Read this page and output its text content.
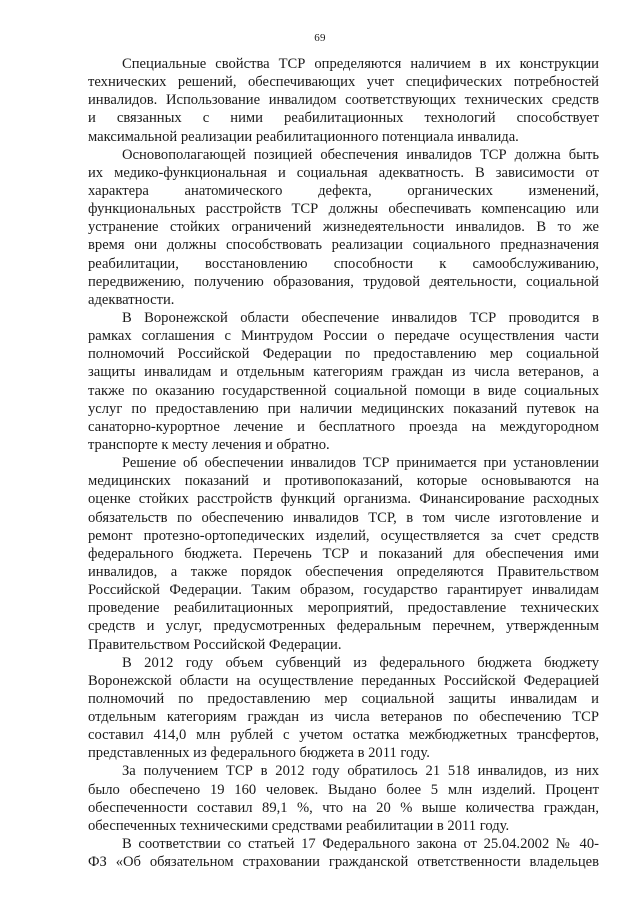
69
Специальные свойства ТСР определяются наличием в их конструкции
технических решений, обеспечивающих учет специфических потребностей
инвалидов. Использование инвалидом соответствующих технических средств
и связанных с ними реабилитационных технологий способствует
максимальной реализации реабилитационного потенциала инвалида.
Основополагающей позицией обеспечения инвалидов ТСР должна быть
их медико-функциональная и социальная адекватность. В зависимости от
характера анатомического дефекта, органических изменений,
функциональных расстройств ТСР должны обеспечивать компенсацию или
устранение стойких ограничений жизнедеятельности инвалидов. В то же
время они должны способствовать реализации социального предназначения
реабилитации, восстановлению способности к самообслуживанию,
передвижению, получению образования, трудовой деятельности, социальной
адекватности.
В Воронежской области обеспечение инвалидов ТСР проводится в
рамках соглашения с Минтрудом России о передаче осуществления части
полномочий Российской Федерации по предоставлению мер социальной
защиты инвалидам и отдельным категориям граждан из числа ветеранов, а
также по оказанию государственной социальной помощи в виде социальных
услуг по предоставлению при наличии медицинских показаний путевок на
санаторно-курортное лечение и бесплатного проезда на междугородном
транспорте к месту лечения и обратно.
Решение об обеспечении инвалидов ТСР принимается при установлении
медицинских показаний и противопоказаний, которые основываются на
оценке стойких расстройств функций организма. Финансирование расходных
обязательств по обеспечению инвалидов ТСР, в том числе изготовление и
ремонт протезно-ортопедических изделий, осуществляется за счет средств
федерального бюджета. Перечень ТСР и показаний для обеспечения ими
инвалидов, а также порядок обеспечения определяются Правительством
Российской Федерации. Таким образом, государство гарантирует инвалидам
проведение реабилитационных мероприятий, предоставление технических
средств и услуг, предусмотренных федеральным перечнем, утвержденным
Правительством Российской Федерации.
В 2012 году объем субвенций из федерального бюджета бюджету
Воронежской области на осуществление переданных Российской Федерацией
полномочий по предоставлению мер социальной защиты инвалидам и
отдельным категориям граждан из числа ветеранов по обеспечению ТСР
составил 414,0 млн рублей с учетом остатка межбюджетных трансфертов,
представленных из федерального бюджета в 2011 году.
За получением ТСР в 2012 году обратилось 21 518 инвалидов, из них
было обеспечено 19 160 человек. Выдано более 5 млн изделий. Процент
обеспеченности составил 89,1 %, что на 20 % выше количества граждан,
обеспеченных техническими средствами реабилитации в 2011 году.
В соответствии со статьей 17 Федерального закона от 25.04.2002 № 40-
ФЗ «Об обязательном страховании гражданской ответственности владельцев
